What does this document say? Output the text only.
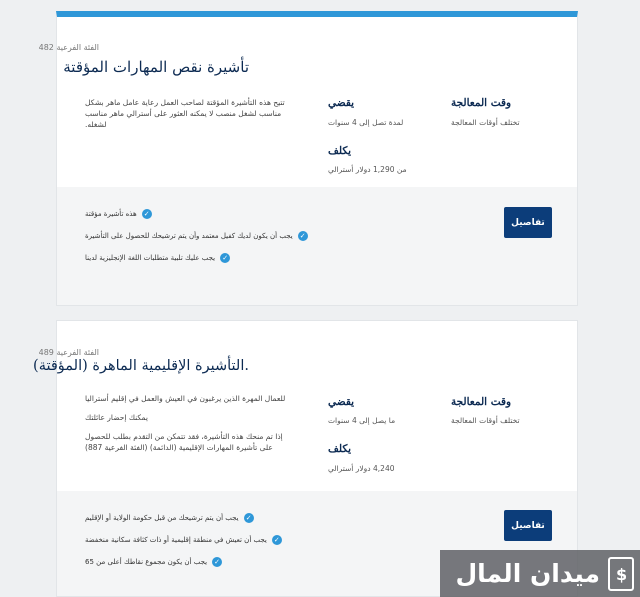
الفئة الفرعية 482
تأشيرة نقص المهارات المؤقتة

تتيح هذه التأشيرة المؤقتة لصاحب العمل رعاية عامل ماهر بشكل مناسب لشغل منصب لا يمكنه العثور على أسترالي ماهر مناسب لشغله.

يقضي
لمدة تصل إلى 4 سنوات
يكلف
من 1,290 دولار أسترالي
وقت المعالجة
تختلف أوقات المعالجة
✓
هذه تأشيرة مؤقتة
✓
يجب أن يكون لديك كفيل معتمد وأن يتم ترشيحك للحصول على التأشيرة
✓
يجب عليك تلبية متطلبات اللغة الإنجليزية لدينا
تفاصيل
الفئة الفرعية 489
.التأشيرة الإقليمية الماهرة (المؤقتة)

للعمال المهرة الذين يرغبون في العيش والعمل في إقليم أستراليا

يمكنك إحضار عائلتك

إذا تم منحك هذه التأشيرة، فقد تتمكن من التقدم بطلب للحصول على تأشيرة المهارات الإقليمية (الدائمة) (الفئة الفرعية 887)

يقضي
ما يصل إلى 4 سنوات
يكلف
4,240 دولار أسترالي
وقت المعالجة
تختلف أوقات المعالجة
✓
يجب أن يتم ترشيحك من قبل حكومة الولاية أو الإقليم
✓
يجب أن تعيش في منطقة إقليمية أو ذات كثافة سكانية منخفضة
✓
يجب أن يكون مجموع نقاطك أعلى من 65
تفاصيل
ميدان المال
$
